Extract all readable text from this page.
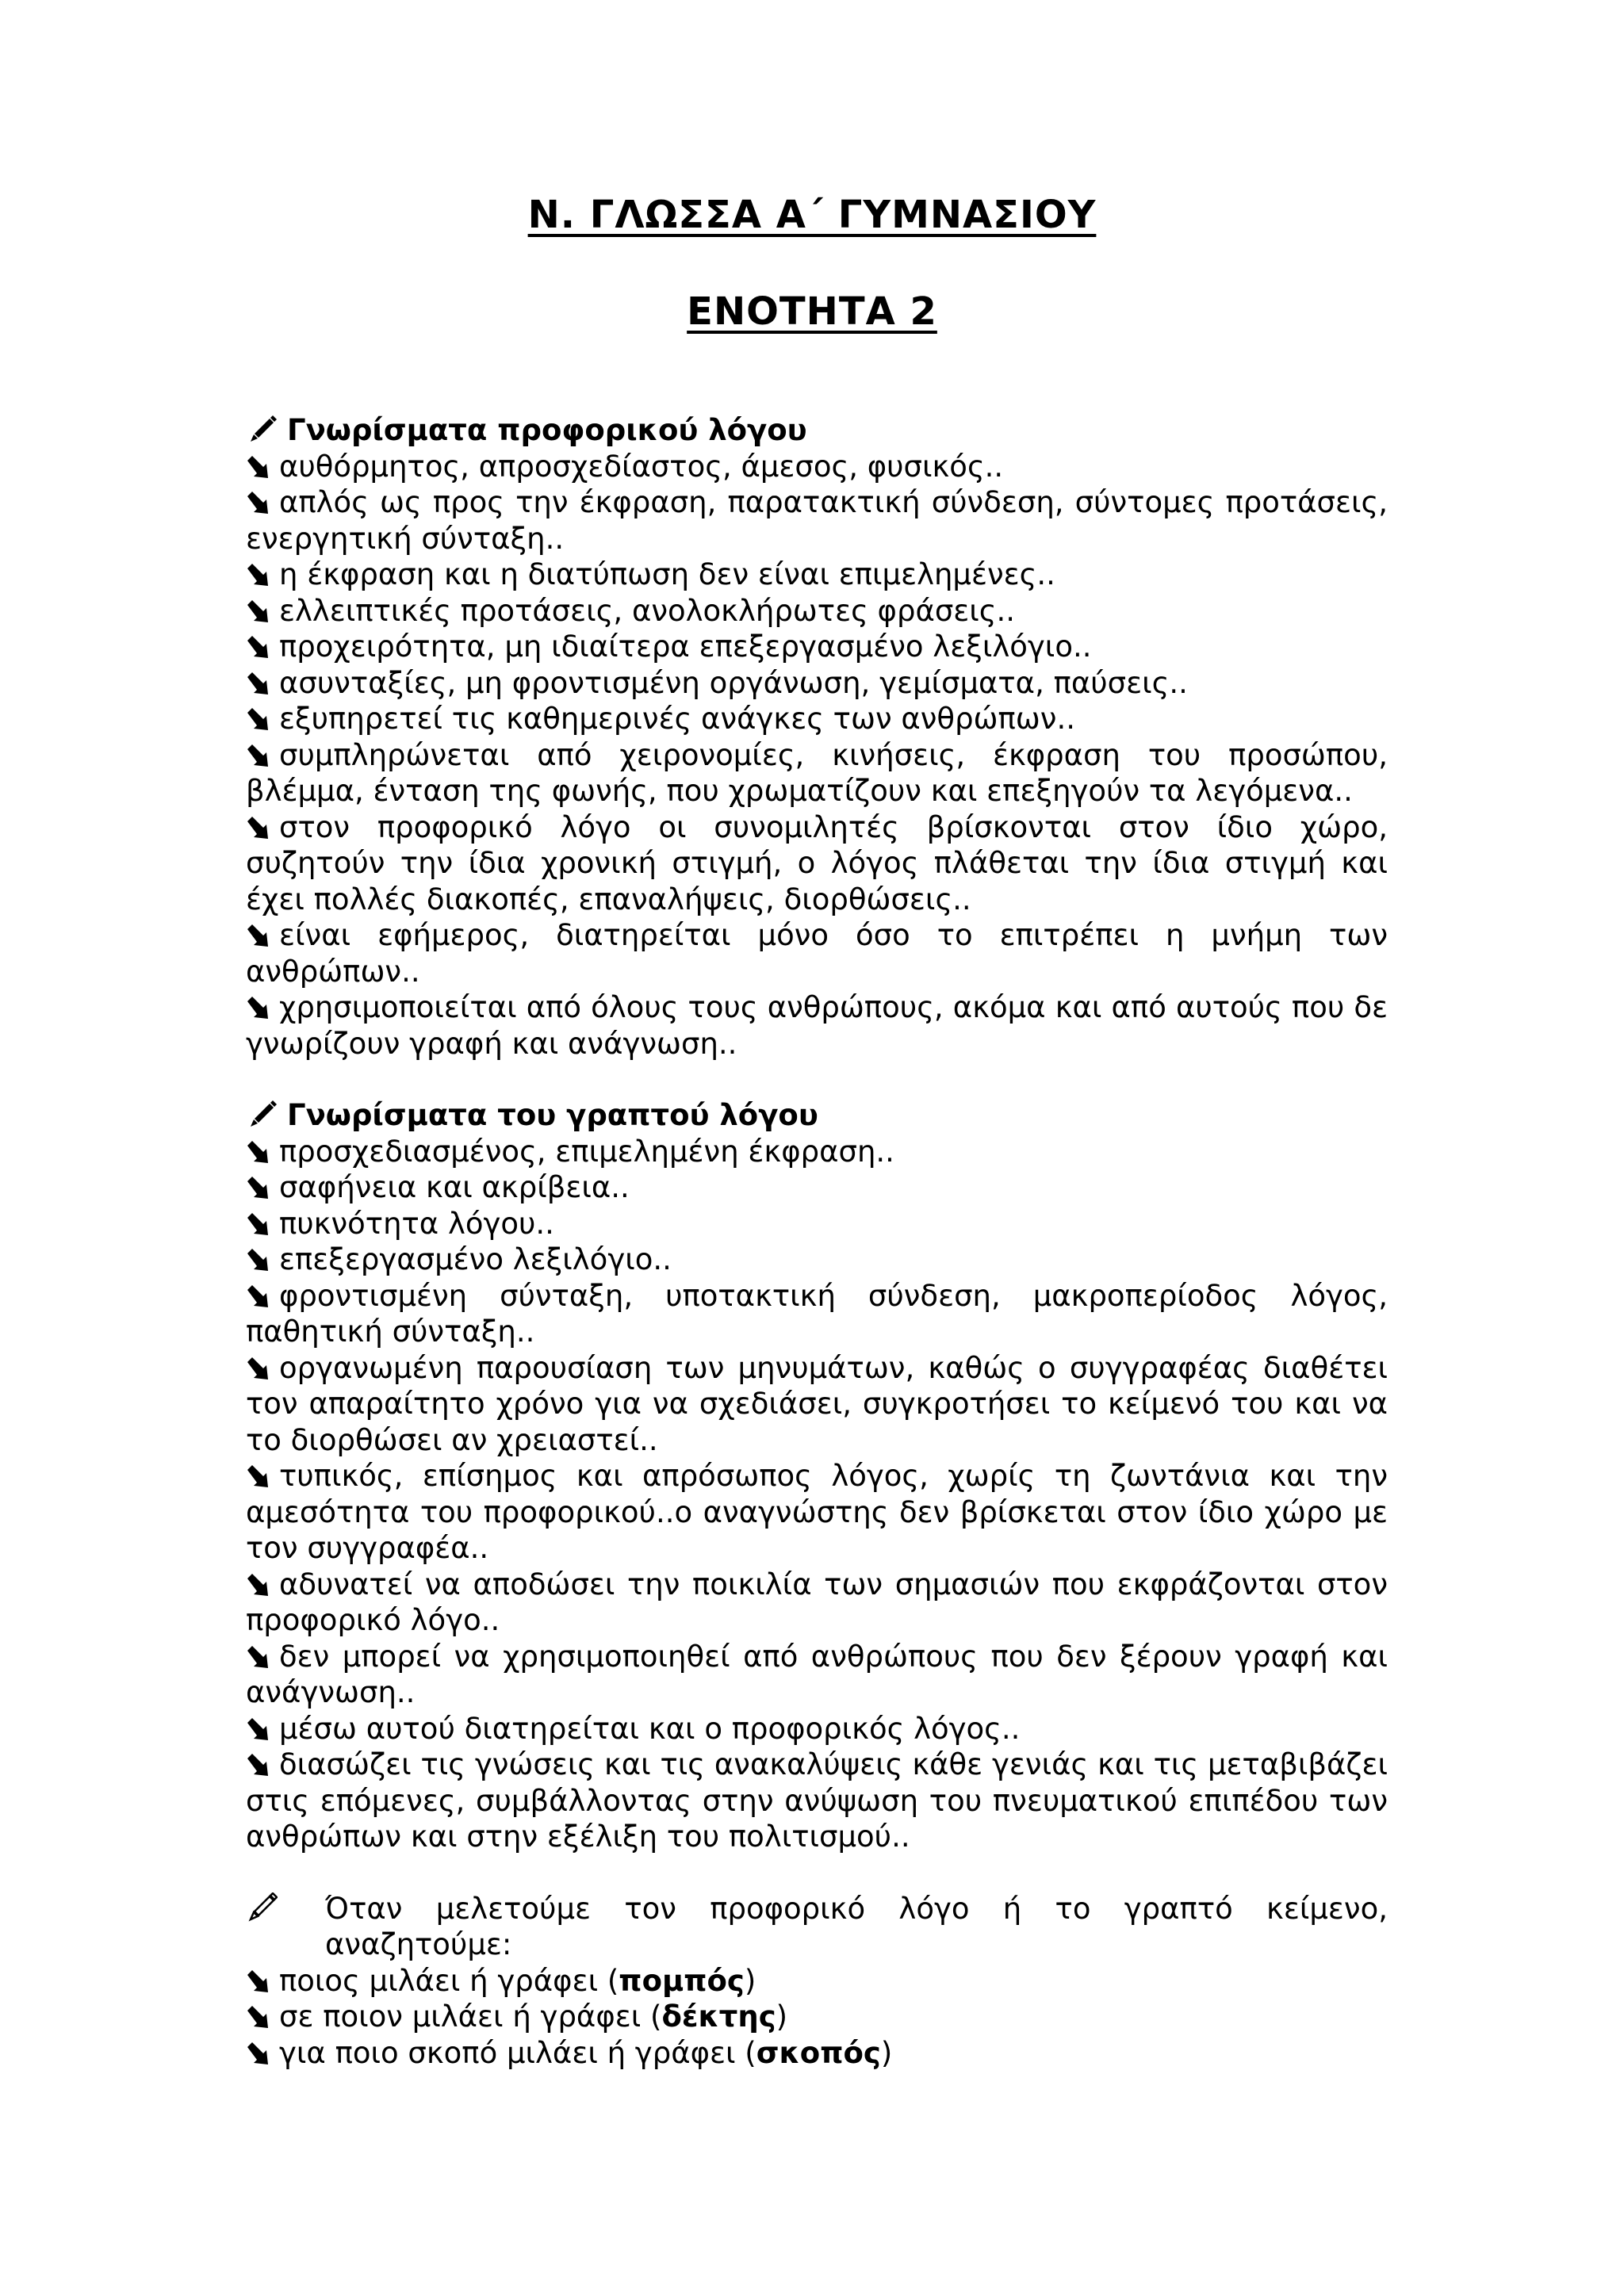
Ν. ΓΛΩΣΣΑ Α΄ ΓΥΜΝΑΣΙΟΥ
ΕΝΟΤΗΤΑ 2
Γνωρίσματα προφορικού λόγου

αυθόρμητος, απροσχεδίαστος, άμεσος, φυσικός..

απλός ως προς την έκφραση, παρατακτική σύνδεση, σύντομες προτάσεις, ενεργητική σύνταξη..

η έκφραση και η διατύπωση δεν είναι επιμελημένες..

ελλειπτικές προτάσεις, ανολοκλήρωτες φράσεις..

προχειρότητα, μη ιδιαίτερα επεξεργασμένο λεξιλόγιο..

ασυνταξίες, μη φροντισμένη οργάνωση, γεμίσματα, παύσεις..

εξυπηρετεί τις καθημερινές ανάγκες των ανθρώπων..

συμπληρώνεται από χειρονομίες, κινήσεις, έκφραση του προσώπου, βλέμμα, ένταση της φωνής, που χρωματίζουν και επεξηγούν τα λεγόμενα..

στον προφορικό λόγο οι συνομιλητές βρίσκονται στον ίδιο χώρο, συζητούν την ίδια χρονική στιγμή, ο λόγος πλάθεται την ίδια στιγμή και έχει πολλές διακοπές, επαναλήψεις, διορθώσεις..

είναι εφήμερος, διατηρείται μόνο όσο το επιτρέπει η μνήμη των ανθρώπων..

χρησιμοποιείται από όλους τους ανθρώπους, ακόμα και από αυτούς που δε γνωρίζουν γραφή και ανάγνωση..

Γνωρίσματα του γραπτού λόγου

προσχεδιασμένος, επιμελημένη έκφραση..

σαφήνεια και ακρίβεια..

πυκνότητα λόγου..

επεξεργασμένο λεξιλόγιο..

φροντισμένη σύνταξη, υποτακτική σύνδεση, μακροπερίοδος λόγος, παθητική σύνταξη..

οργανωμένη παρουσίαση των μηνυμάτων, καθώς ο συγγραφέας διαθέτει τον απαραίτητο χρόνο για να σχεδιάσει, συγκροτήσει το κείμενό του και να το διορθώσει αν χρειαστεί..

τυπικός, επίσημος και απρόσωπος λόγος, χωρίς τη ζωντάνια και την αμεσότητα του προφορικού..ο αναγνώστης δεν βρίσκεται στον ίδιο χώρο με τον συγγραφέα..

αδυνατεί να αποδώσει την ποικιλία των σημασιών που εκφράζονται στον προφορικό λόγο..

δεν μπορεί να χρησιμοποιηθεί από ανθρώπους που δεν ξέρουν γραφή και ανάγνωση..

μέσω αυτού διατηρείται και ο προφορικός λόγος..

διασώζει τις γνώσεις και τις ανακαλύψεις κάθε γενιάς και τις μεταβιβάζει στις επόμενες, συμβάλλοντας στην ανύψωση του πνευματικού επιπέδου των ανθρώπων και στην εξέλιξη του πολιτισμού..

Όταν μελετούμε τον προφορικό λόγο ή το γραπτό κείμενο, αναζητούμε:

ποιος μιλάει ή γράφει (πομπός)

σε ποιον μιλάει ή γράφει (δέκτης)

για ποιο σκοπό μιλάει ή γράφει (σκοπός)
